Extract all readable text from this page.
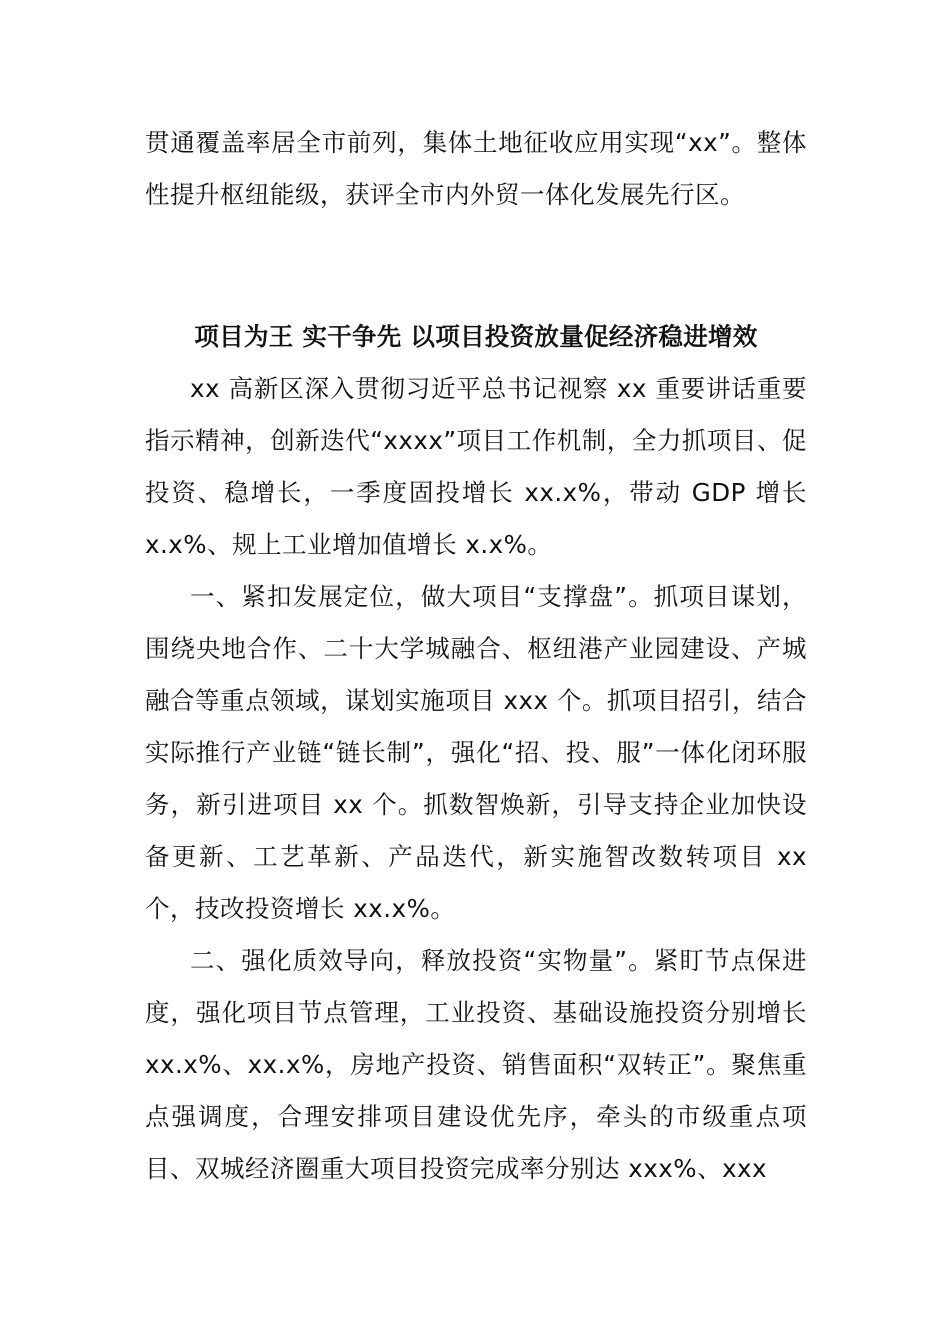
贯通覆盖率居全市前列，集体土地征收应用实现“xx”。整体性提升枢纽能级，获评全市内外贸一体化发展先行区。

项目为王 实干争先 以项目投资放量促经济稳进增效

xx 高新区深入贯彻习近平总书记视察 xx 重要讲话重要指示精神，创新迭代“xxxx”项目工作机制，全力抓项目、促投资、稳增长，一季度固投增长 xx.x%，带动 GDP 增长 x.x%、规上工业增加值增长 x.x%。

一、紧扣发展定位，做大项目“支撑盘”。抓项目谋划，围绕央地合作、二十大学城融合、枢纽港产业园建设、产城融合等重点领域，谋划实施项目 xxx 个。抓项目招引，结合实际推行产业链“链长制”，强化“招、投、服”一体化闭环服务，新引进项目 xx 个。抓数智焕新，引导支持企业加快设备更新、工艺革新、产品迭代，新实施智改数转项目 xx 个，技改投资增长 xx.x%。

二、强化质效导向，释放投资“实物量”。紧盯节点保进度，强化项目节点管理，工业投资、基础设施投资分别增长 xx.x%、xx.x%，房地产投资、销售面积“双转正”。聚焦重点强调度，合理安排项目建设优先序，牵头的市级重点项目、双城经济圈重大项目投资完成率分别达 xxx%、xxx
